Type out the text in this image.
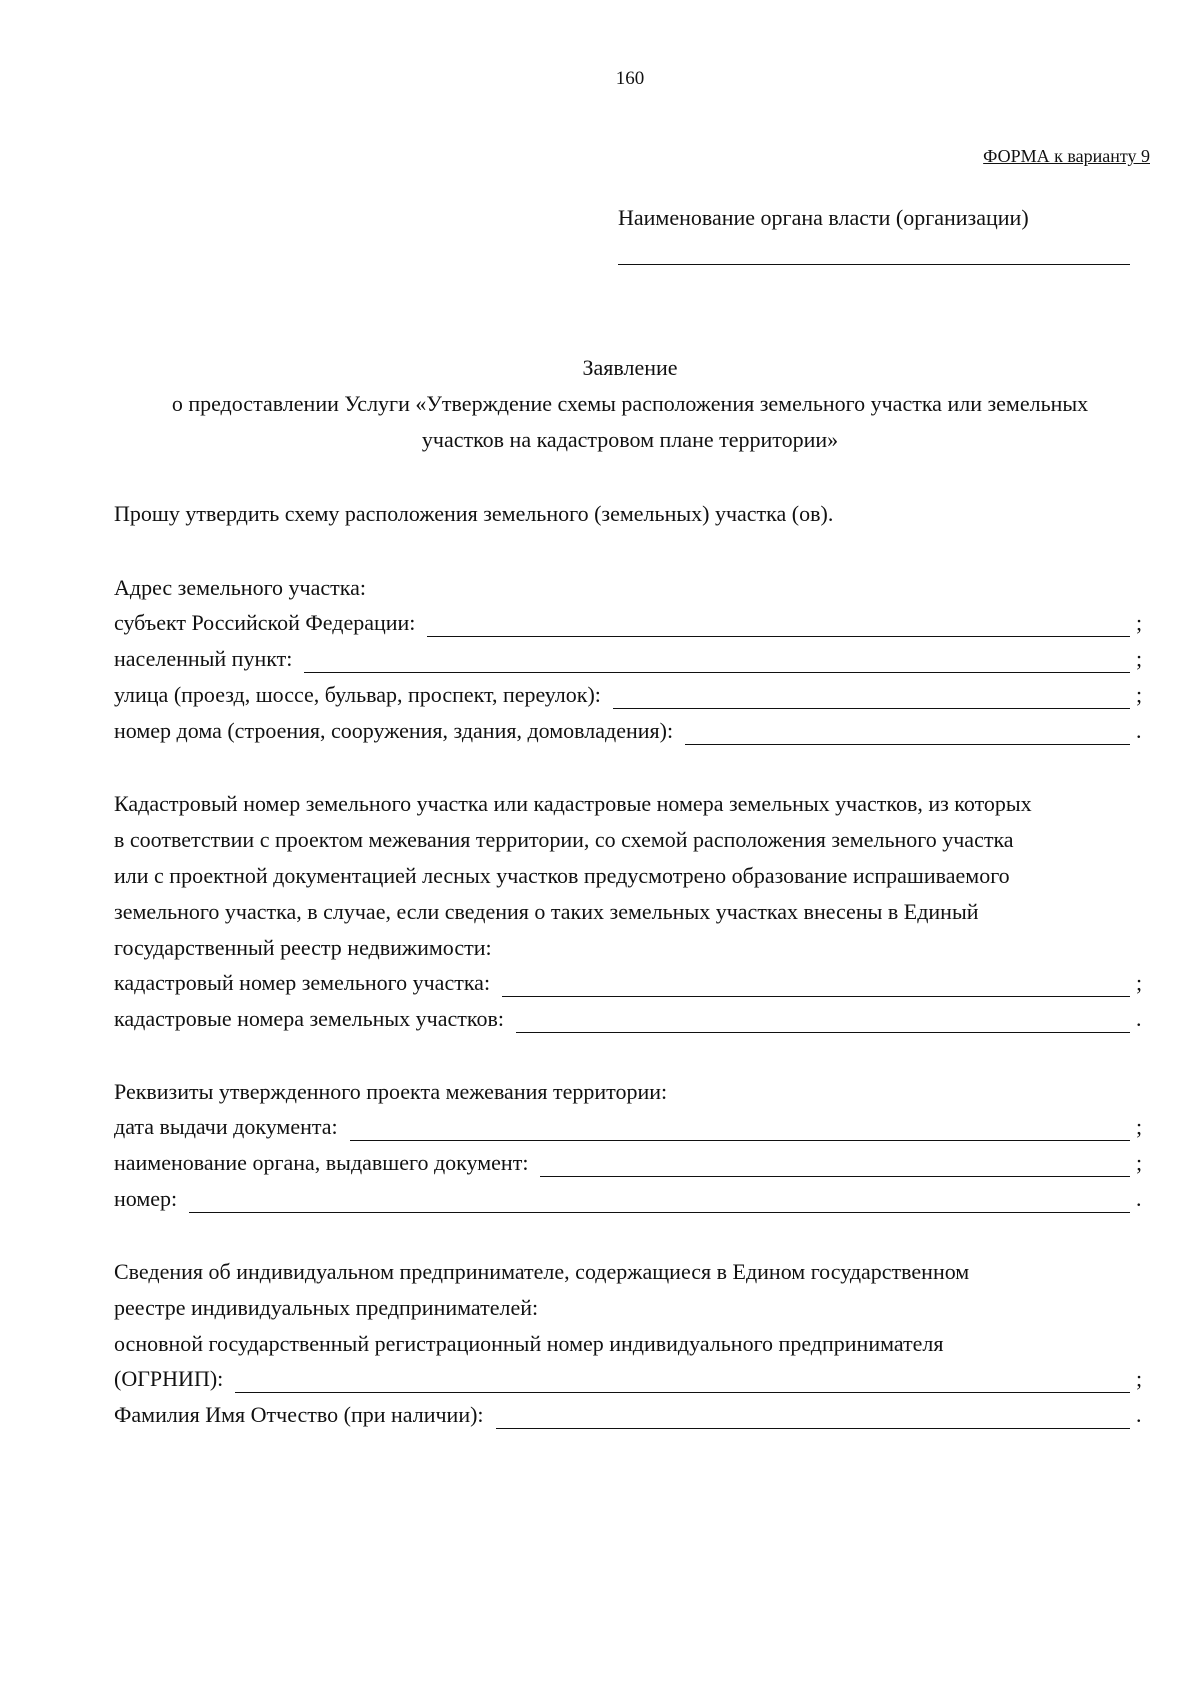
160
ФОРМА к варианту 9
Наименование органа власти (организации)
Заявление
о предоставлении Услуги «Утверждение схемы расположения земельного участка или земельных
участков на кадастровом плане территории»
Прошу утвердить схему расположения земельного (земельных) участка (ов).
Адрес земельного участка:
субъект Российской Федерации:	;
населенный пункт:	;
улица (проезд, шоссе, бульвар, проспект, переулок):	;
номер дома (строения, сооружения, здания, домовладения):	.
Кадастровый номер земельного участка или кадастровые номера земельных участков, из которых
в соответствии с проектом межевания территории, со схемой расположения земельного участка
или с проектной документацией лесных участков предусмотрено образование испрашиваемого
земельного участка, в случае, если сведения о таких земельных участках внесены в Единый
государственный реестр недвижимости:
кадастровый номер земельного участка:	;
кадастровые номера земельных участков:	.
Реквизиты утвержденного проекта межевания территории:
дата выдачи документа:	;
наименование органа, выдавшего документ:	;
номер:	.
Сведения об индивидуальном предпринимателе, содержащиеся в Едином государственном
реестре индивидуальных предпринимателей:
основной государственный регистрационный номер индивидуального предпринимателя
(ОГРНИП):	;
Фамилия Имя Отчество (при наличии):	.
